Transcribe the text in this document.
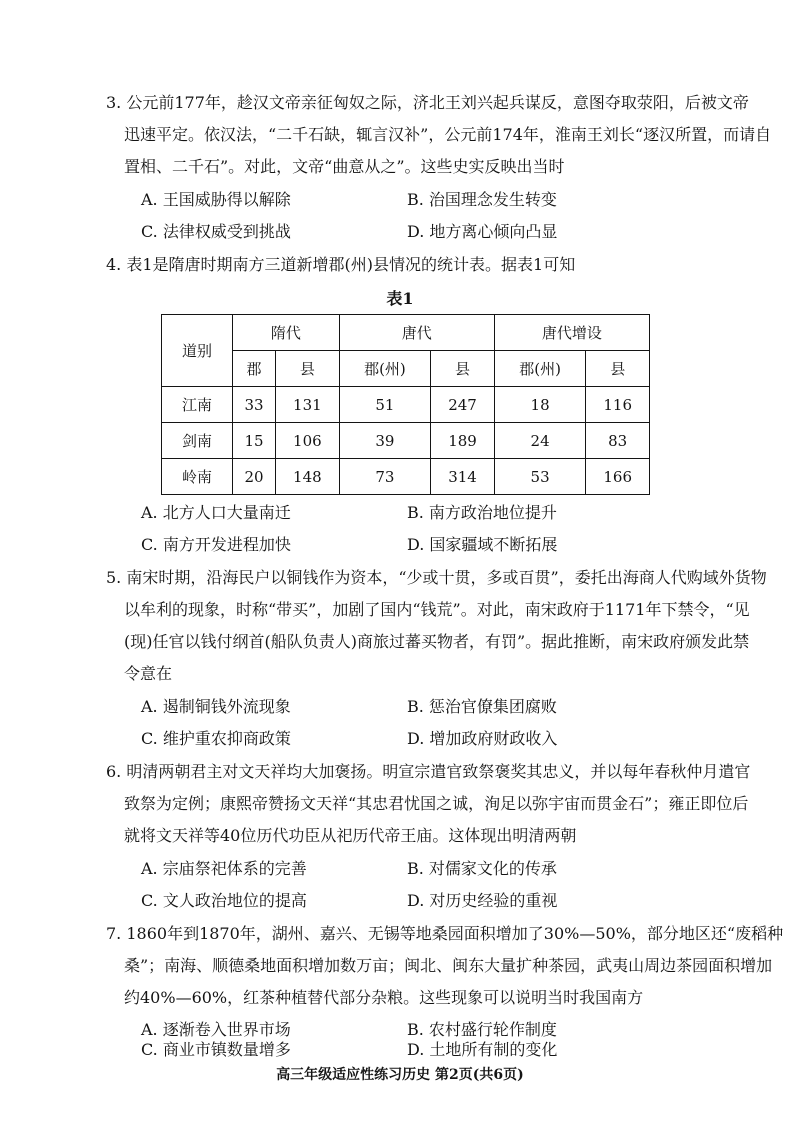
3. 公元前177年，趁汉文帝亲征匈奴之际，济北王刘兴起兵谋反，意图夺取荥阳，后被文帝
迅速平定。依汉法，“二千石缺，辄言汉补”，公元前174年，淮南王刘长“逐汉所置，而请自
置相、二千石”。对此，文帝“曲意从之”。这些史实反映出当时
A. 王国威胁得以解除	B. 治国理念发生转变
C. 法律权威受到挑战	D. 地方离心倾向凸显
4. 表1是隋唐时期南方三道新增郡(州)县情况的统计表。据表1可知
表1
道别	隋代		唐代		唐代增设	
	郡	县	郡(州)	县	郡(州)	县
江南	33	131	51	247	18	116
剑南	15	106	39	189	24	83
岭南	20	148	73	314	53	166
A. 北方人口大量南迁	B. 南方政治地位提升
C. 南方开发进程加快	D. 国家疆域不断拓展
5. 南宋时期，沿海民户以铜钱作为资本，“少或十贯，多或百贯”，委托出海商人代购域外货物
以牟利的现象，时称“带买”，加剧了国内“钱荒”。对此，南宋政府于1171年下禁令，“见
(现)任官以钱付纲首(船队负责人)商旅过蕃买物者，有罚”。据此推断，南宋政府颁发此禁
令意在
A. 遏制铜钱外流现象	B. 惩治官僚集团腐败
C. 维护重农抑商政策	D. 增加政府财政收入
6. 明清两朝君主对文天祥均大加褒扬。明宣宗遣官致祭褒奖其忠义，并以每年春秋仲月遣官
致祭为定例；康熙帝赞扬文天祥“其忠君忧国之诚，洵足以弥宇宙而贯金石”；雍正即位后
就将文天祥等40位历代功臣从祀历代帝王庙。这体现出明清两朝
A. 宗庙祭祀体系的完善	B. 对儒家文化的传承
C. 文人政治地位的提高	D. 对历史经验的重视
7. 1860年到1870年，湖州、嘉兴、无锡等地桑园面积增加了30%—50%，部分地区还“废稻种
桑”；南海、顺德桑地面积增加数万亩；闽北、闽东大量扩种茶园，武夷山周边茶园面积增加
约40%—60%，红茶种植替代部分杂粮。这些现象可以说明当时我国南方
A. 逐渐卷入世界市场	B. 农村盛行轮作制度
C. 商业市镇数量增多	D. 土地所有制的变化
高三年级适应性练习历史 第2页(共6页)
